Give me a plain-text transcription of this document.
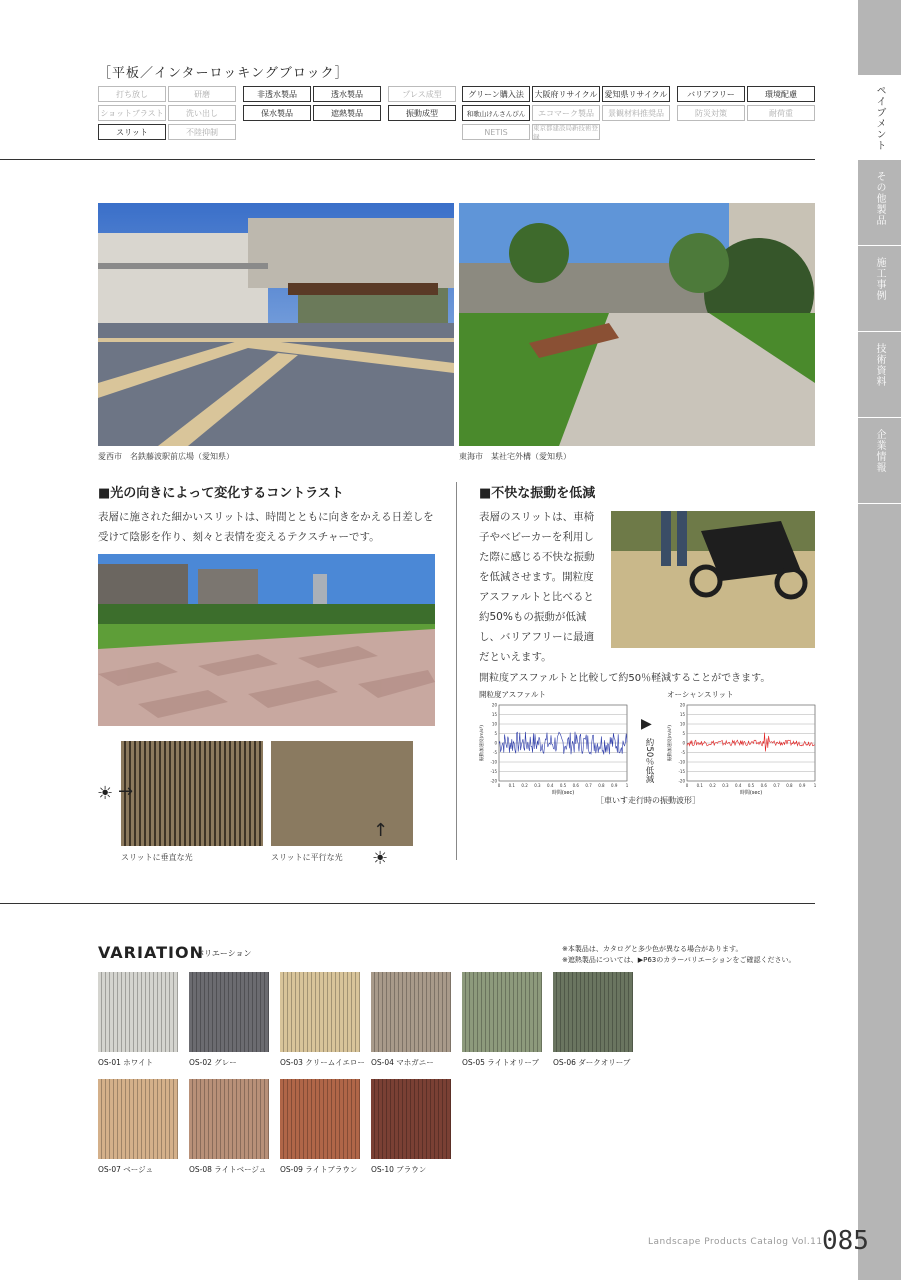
ペイブメント
その他製品
施工事例
技術資料
企業情報
［平板／インターロッキングブロック］
打ち放し	研磨	非透水製品	透水製品	プレス成型	グリーン購入法	大阪府リサイクル 愛知県リサイクル	バリアフリー	環境配慮
ショットブラスト	洗い出し	保水製品	遮熱製品	振動成型	和歌山けんさんぴん	エコマーク製品	景観材料推奨品	防災対策	耐荷重
スリット	不陸抑制	NETIS	東京都建設局新技術登録
愛西市　名鉄藤波駅前広場（愛知県）	東海市　某社宅外構（愛知県）
■光の向きによって変化するコントラスト
表層に施された細かいスリットは、時間とともに向きをかえる日差しを受けて陰影を作り、刻々と表情を変えるテクスチャーです。
☀ →
↑
☀
スリットに垂直な光	スリットに平行な光
■不快な振動を低減
表層のスリットは、車椅子やベビーカーを利用した際に感じる不快な振動を低減させます。開粒度アスファルトと比べると約50%もの振動が低減し、バリアフリーに最適だといえます。
開粒度アスファルトと比較して約50％軽減することができます。
開粒度アスファルト	オーシャンスリット
20
15
10
5
0
-5
-10
-15
-20
0 0.1 0.2 0.3 0.4 0.5 0.6 0.7 0.8 0.9 1
時間(sec)
振動加速度(m/s²)
20
15
10
5
0
-5
-10
-15
-20
0 0.1 0.2 0.3 0.4 0.5 0.6 0.7 0.8 0.9 1
時間(sec)
振動加速度(m/s²)
▶
約50％低減
［車いす走行時の振動波形］
VARIATION
バリエーション	※本製品は、カタログと多少色が異なる場合があります。
※遮熱製品については、▶P63のカラーバリエーションをご確認ください。
OS-01 ホワイト	OS-02 グレー	OS-03 クリームイエロー OS-04 マホガニー	OS-05 ライトオリーブ OS-06 ダークオリーブ
OS-07 ベージュ	OS-08 ライトベージュ OS-09 ライトブラウン OS-10 ブラウン
Landscape Products Catalog Vol.11 085
